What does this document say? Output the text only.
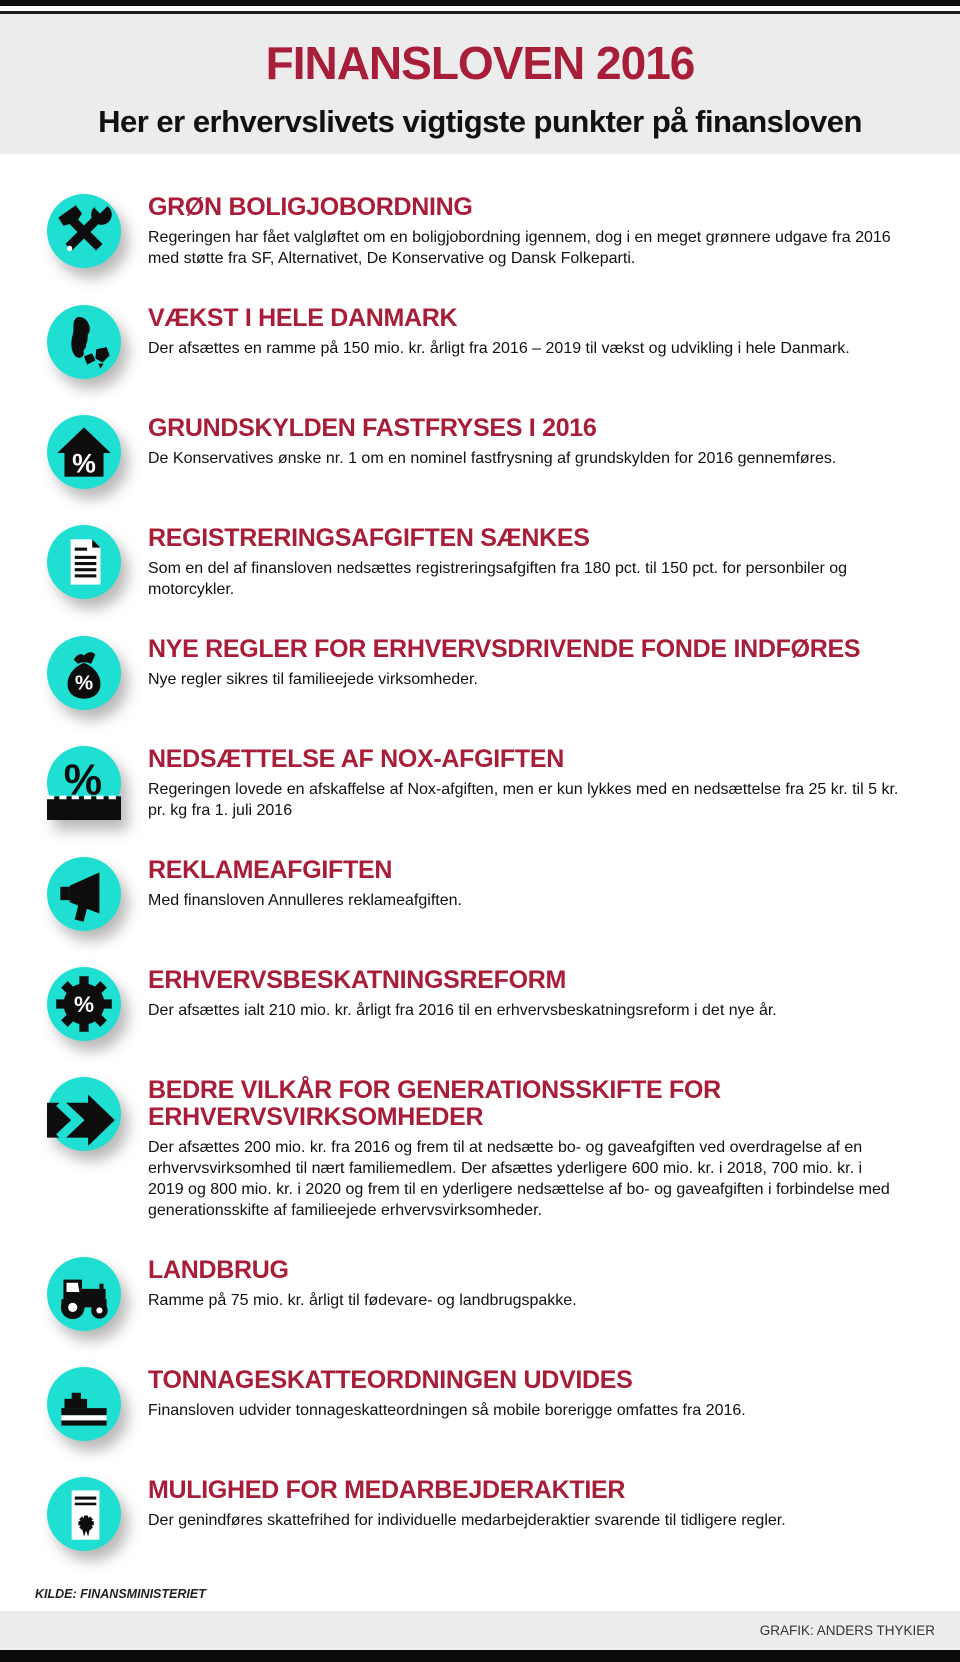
FINANSLOVEN 2016
Her er erhvervslivets vigtigste punkter på finansloven
GRØN BOLIGJOBORDNING

Regeringen har fået valgløftet om en boligjobordning igennem, dog i en meget grønnere udgave fra 2016 med støtte fra SF, Alternativet, De Konservative og Dansk Folkeparti.

VÆKST I HELE DANMARK

Der afsættes en ramme på 150 mio. kr. årligt fra 2016 – 2019 til vækst og udvikling i hele Danmark.

%
GRUNDSKYLDEN FASTFRYSES I 2016

De Konservatives ønske nr. 1 om en nominel fastfrysning af grundskylden for 2016 gennemføres.

REGISTRERINGSAFGIFTEN SÆNKES

Som en del af finansloven nedsættes registreringsafgiften fra 180 pct. til 150 pct. for personbiler og motorcykler.

%
NYE REGLER FOR ERHVERVSDRIVENDE FONDE INDFØRES

Nye regler sikres til familieejede virksomheder.

% NEDSÆTTELSE AF NOX-AFGIFTEN

Regeringen lovede en afskaffelse af Nox-afgiften, men er kun lykkes med en nedsættelse fra 25 kr. til 5 kr. pr. kg fra 1. juli 2016

REKLAMEAFGIFTEN

Med finansloven Annulleres reklameafgiften.

%
ERHVERVSBESKATNINGSREFORM

Der afsættes ialt 210 mio. kr. årligt fra 2016 til en erhvervsbeskatningsreform i det nye år.

BEDRE VILKÅR FOR GENERATIONSSKIFTE FOR ERHVERVSVIRKSOMHEDER

Der afsættes 200 mio. kr. fra 2016 og frem til at nedsætte bo- og gaveafgiften ved overdragelse af en erhvervsvirksomhed til nært familiemedlem. Der afsættes yderligere 600 mio. kr. i 2018, 700 mio. kr. i 2019 og 800 mio. kr. i 2020 og frem til en yderligere nedsættelse af bo- og gaveafgiften i forbindelse med generationsskifte af familieejede erhvervsvirksomheder.

LANDBRUG

Ramme på 75 mio. kr. årligt til fødevare- og landbrugspakke.

TONNAGESKATTEORDNINGEN UDVIDES

Finansloven udvider tonnageskatteordningen så mobile borerigge omfattes fra 2016.

MULIGHED FOR MEDARBEJDERAKTIER

Der genindføres skattefrihed for individuelle medarbejderaktier svarende til tidligere regler.

KILDE: FINANSMINISTERIET
GRAFIK: ANDERS THYKIER
